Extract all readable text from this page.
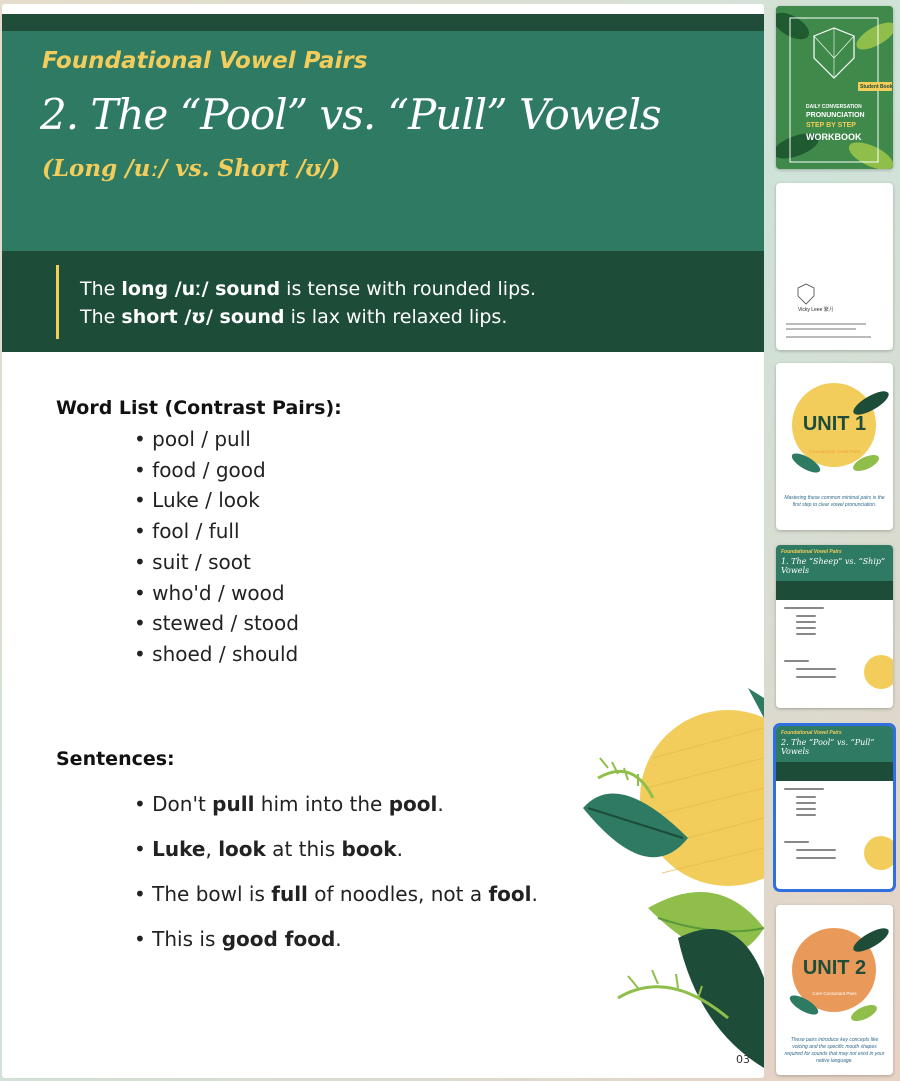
Foundational Vowel Pairs
2. The “Pool” vs. “Pull” Vowels
(Long /uː/ vs. Short /ʊ/)
The long /uː/ sound is tense with rounded lips.
The short /ʊ/ sound is lax with relaxed lips.
Word List (Contrast Pairs):
• pool / pull
• food / good
• Luke / look
• fool / full
• suit / soot
• who'd / wood
• stewed / stood
• shoed / should
Sentences:
• Don't pull him into the pool.
• Luke, look at this book.
• The bowl is full of noodles, not a fool.
• This is good food.
03
Student Book
DAILY CONVERSATION
PRONUNCIATION
STEP BY STEP
WORKBOOK
Vicky Leee 繁月
UNIT 1
Foundational Vowel Pairs
Mastering these common minimal pairs is the first step to clear vowel pronunciation.
Foundational Vowel Pairs
1. The “Sheep” vs. “Ship” Vowels
Foundational Vowel Pairs
2. The “Pool” vs. “Pull” Vowels
UNIT 2
Core Consonant Pairs
These pairs introduce key concepts like voicing and the specific mouth shapes required for sounds that may not exist in your native language.
